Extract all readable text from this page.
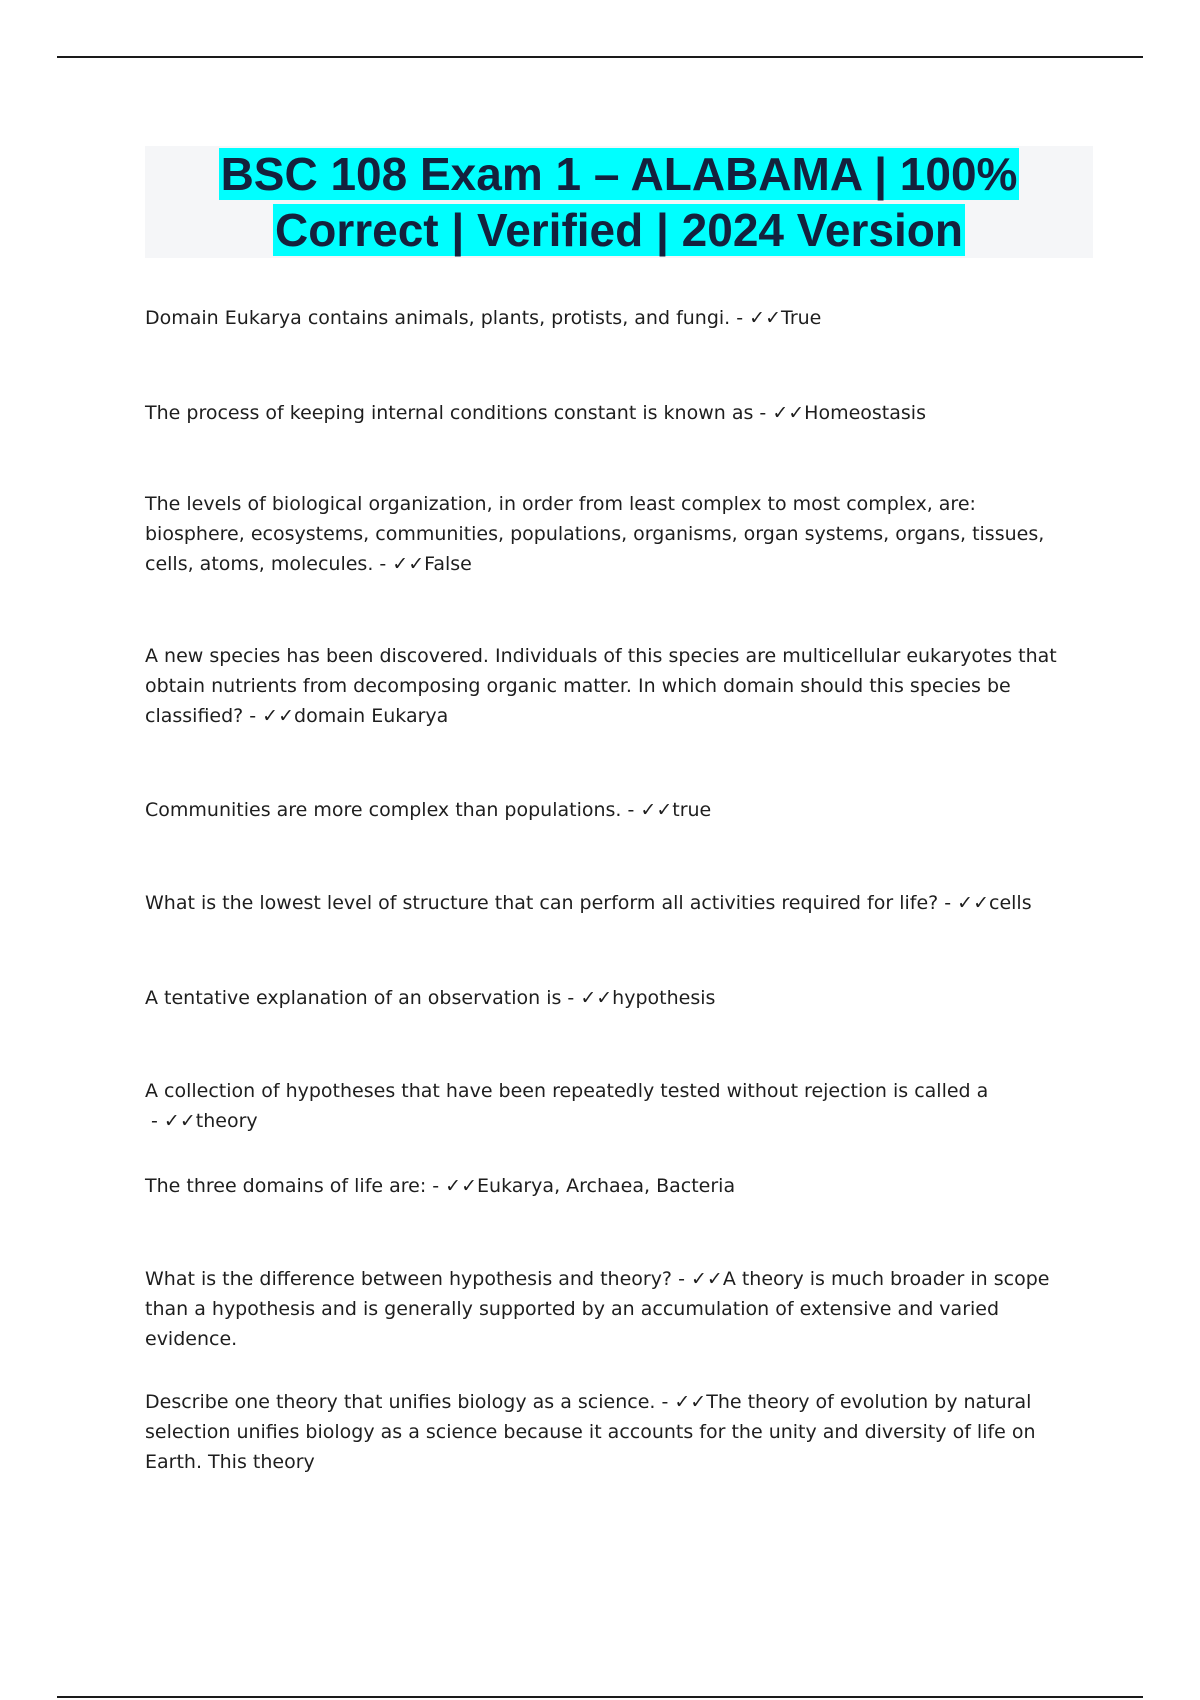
BSC 108 Exam 1 – ALABAMA | 100%

Correct | Verified | 2024 Version

Domain Eukarya contains animals, plants, protists, and fungi. - ✓✓True

The process of keeping internal conditions constant is known as - ✓✓Homeostasis

The levels of biological organization, in order from least complex to most complex, are: biosphere, ecosystems, communities, populations, organisms, organ systems, organs, tissues, cells, atoms, molecules. - ✓✓False

A new species has been discovered. Individuals of this species are multicellular eukaryotes that obtain nutrients from decomposing organic matter. In which domain should this species be classified? - ✓✓domain Eukarya

Communities are more complex than populations. - ✓✓true

What is the lowest level of structure that can perform all activities required for life? - ✓✓cells

A tentative explanation of an observation is - ✓✓hypothesis

A collection of hypotheses that have been repeatedly tested without rejection is called a - ✓✓theory

The three domains of life are: - ✓✓Eukarya, Archaea, Bacteria

What is the difference between hypothesis and theory? - ✓✓A theory is much broader in scope than a hypothesis and is generally supported by an accumulation of extensive and varied evidence.

Describe one theory that unifies biology as a science. - ✓✓The theory of evolution by natural selection unifies biology as a science because it accounts for the unity and diversity of life on Earth. This theory
